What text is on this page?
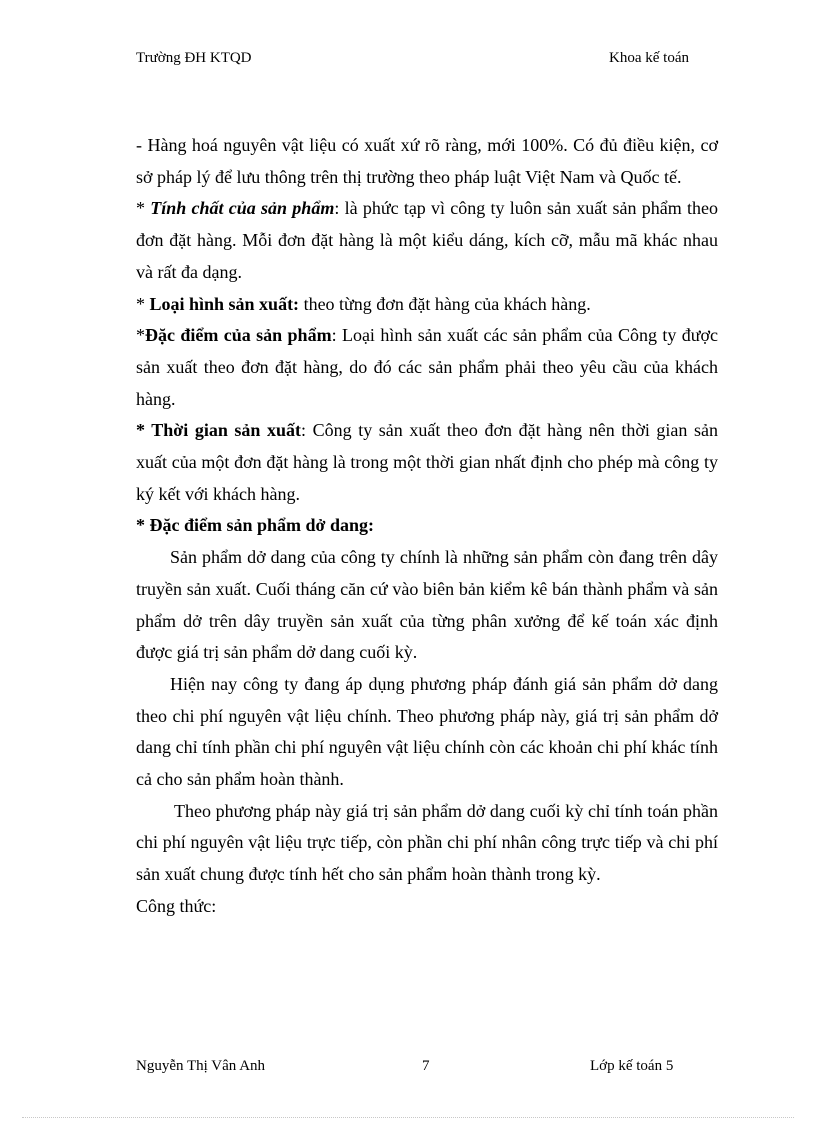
Trường ĐH KTQD	Khoa kế toán

- Hàng hoá nguyên vật liệu có xuất xứ rõ ràng, mới 100%. Có đủ điều kiện, cơ sở pháp lý để lưu thông trên thị trường theo pháp luật Việt Nam và Quốc tế.

* Tính chất của sản phẩm: là phức tạp vì công ty luôn sản xuất sản phẩm theo đơn đặt hàng. Mỗi đơn đặt hàng là một kiểu dáng, kích cỡ, mẫu mã khác nhau và rất đa dạng.

* Loại hình sản xuất: theo từng đơn đặt hàng của khách hàng.

*Đặc điểm của sản phẩm: Loại hình sản xuất các sản phẩm của Công ty được sản xuất theo đơn đặt hàng, do đó các sản phẩm phải theo yêu cầu của khách hàng.

* Thời gian sản xuất: Công ty sản xuất theo đơn đặt hàng nên thời gian sản xuất của một đơn đặt hàng là trong một thời gian nhất định cho phép mà công ty ký kết với khách hàng.

* Đặc điểm sản phẩm dở dang:

Sản phẩm dở dang của công ty chính là những sản phẩm còn đang trên dây truyền sản xuất. Cuối tháng căn cứ vào biên bản kiểm kê bán thành phẩm và sản phẩm dở trên dây truyền sản xuất của từng phân xưởng để kế toán xác định được giá trị sản phẩm dở dang cuối kỳ.

Hiện nay công ty đang áp dụng phương pháp đánh giá sản phẩm dở dang theo chi phí nguyên vật liệu chính. Theo phương pháp này, giá trị sản phẩm dở dang chỉ tính phần chi phí nguyên vật liệu chính còn các khoản chi phí khác tính cả cho sản phẩm hoàn thành.

Theo phương pháp này giá trị sản phẩm dở dang cuối kỳ chỉ tính toán phần chi phí nguyên vật liệu trực tiếp, còn phần chi phí nhân công trực tiếp và chi phí sản xuất chung được tính hết cho sản phẩm hoàn thành trong kỳ.

Công thức:

Nguyễn Thị Vân Anh	7	Lớp kế toán 5
